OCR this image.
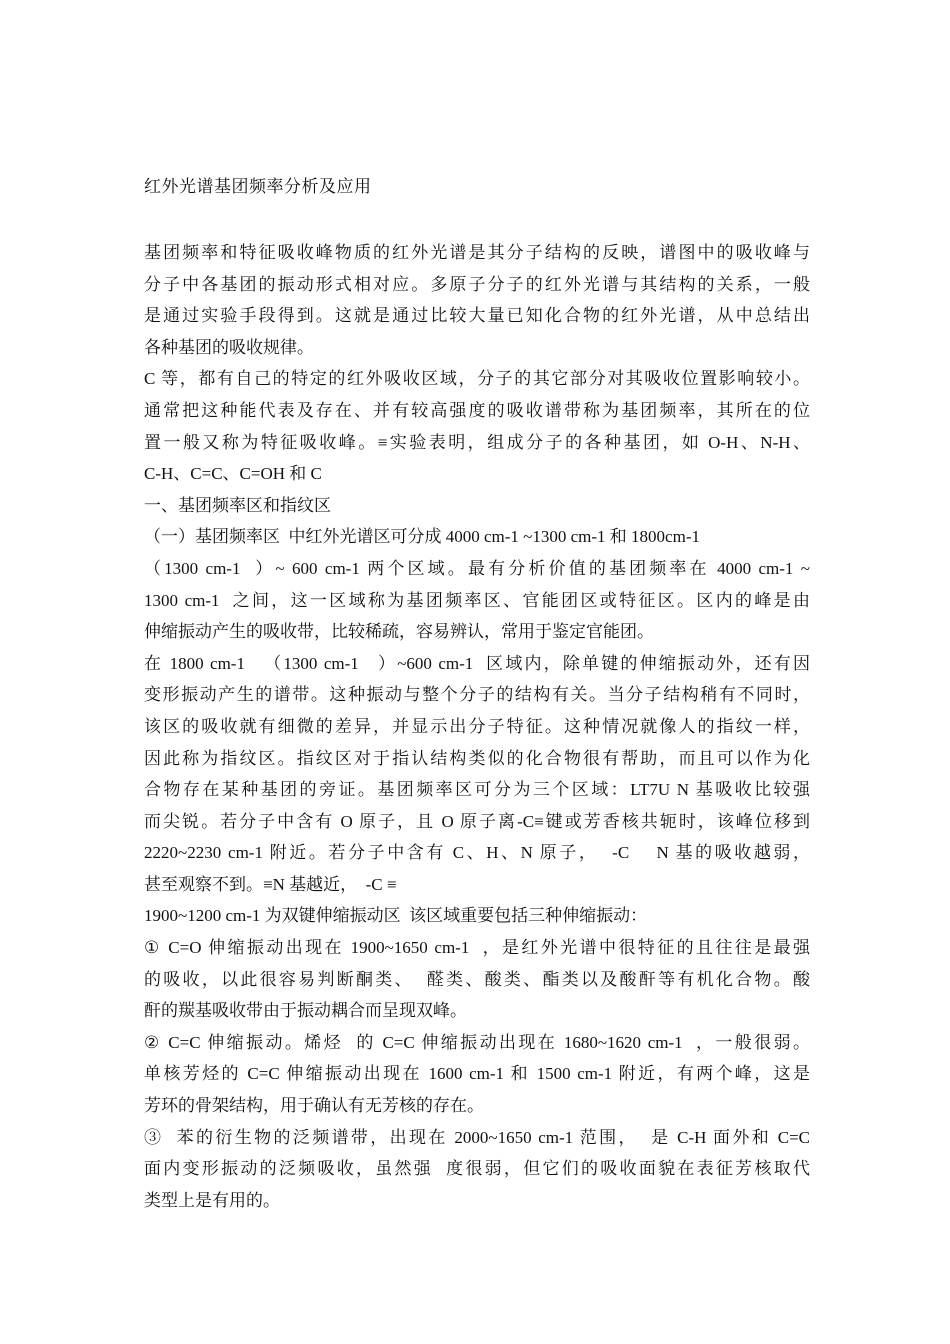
红外光谱基团频率分析及应用
基团频率和特征吸收峰物质的红外光谱是其分子结构的反映，谱图中的吸收峰与
分子中各基团的振动形式相对应。多原子分子的红外光谱与其结构的关系，一般
是通过实验手段得到。这就是通过比较大量已知化合物的红外光谱，从中总结出
各种基团的吸收规律。
C 等，都有自己的特定的红外吸收区域，分子的其它部分对其吸收位置影响较小。
通常把这种能代表及存在、并有较高强度的吸收谱带称为基团频率，其所在的位
置一般又称为特征吸收峰。≡实验表明，组成分子的各种基团，如 O-H、N-H、
C-H、C=C、C=OH 和 C
一、基团频率区和指纹区
（一）基团频率区  中红外光谱区可分成 4000 cm-1 ~1300 cm-1 和 1800cm-1
（1300 cm-1  ）~ 600 cm-1 两个区域。最有分析价值的基团频率在 4000 cm-1 ~
1300 cm-1  之间，这一区域称为基团频率区、官能团区或特征区。区内的峰是由
伸缩振动产生的吸收带，比较稀疏，容易辨认，常用于鉴定官能团。
在 1800 cm-1   （1300 cm-1   ）~600 cm-1  区域内，除单键的伸缩振动外，还有因
变形振动产生的谱带。这种振动与整个分子的结构有关。当分子结构稍有不同时，
该区的吸收就有细微的差异，并显示出分子特征。这种情况就像人的指纹一样，
因此称为指纹区。指纹区对于指认结构类似的化合物很有帮助，而且可以作为化
合物存在某种基团的旁证。基团频率区可分为三个区域：LT7U N 基吸收比较强
而尖锐。若分子中含有 O 原子，且 O 原子离-C≡键或芳香核共轭时，该峰位移到
2220~2230 cm-1 附近。若分子中含有 C、H、N 原子，  -C    N 基的吸收越弱，
甚至观察不到。≡N 基越近，  -C ≡
1900~1200 cm-1 为双键伸缩振动区  该区域重要包括三种伸缩振动：
① C=O 伸缩振动出现在 1900~1650 cm-1  ，是红外光谱中很特征的且往往是最强
的吸收，以此很容易判断酮类、  醛类、酸类、酯类以及酸酐等有机化合物。酸
酐的羰基吸收带由于振动耦合而呈现双峰。
② C=C 伸缩振动。烯烃  的 C=C 伸缩振动出现在 1680~1620 cm-1  ，一般很弱。
单核芳烃的 C=C 伸缩振动出现在 1600 cm-1 和 1500 cm-1 附近，有两个峰，这是
芳环的骨架结构，用于确认有无芳核的存在。
③  苯的衍生物的泛频谱带，出现在 2000~1650 cm-1 范围，  是 C-H 面外和 C=C
面内变形振动的泛频吸收，虽然强  度很弱，但它们的吸收面貌在表征芳核取代
类型上是有用的。
